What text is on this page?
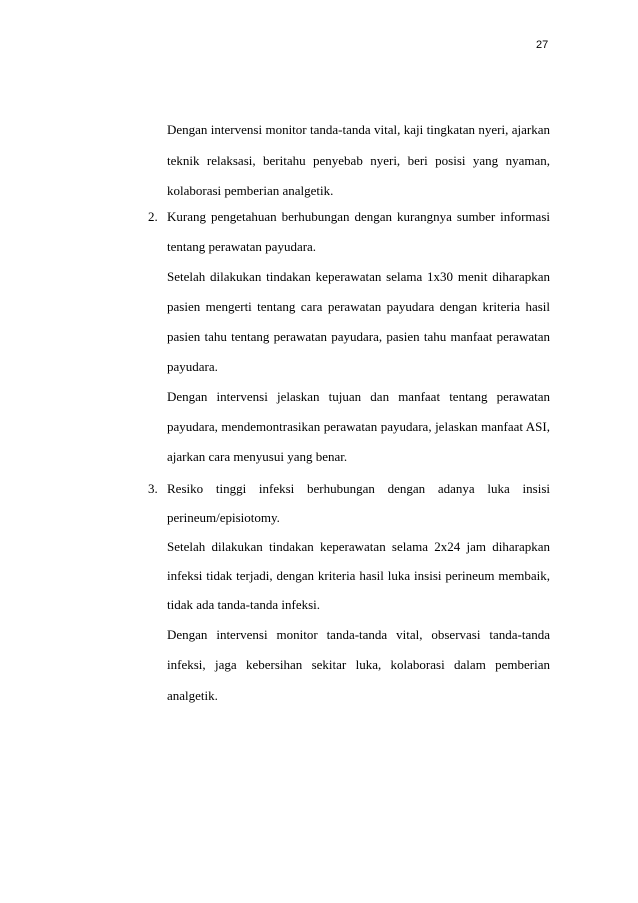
27
Dengan intervensi monitor tanda-tanda vital, kaji tingkatan nyeri, ajarkan
teknik relaksasi, beritahu penyebab nyeri, beri posisi yang nyaman,
kolaborasi pemberian analgetik.
2. Kurang pengetahuan berhubungan dengan kurangnya sumber informasi
tentang perawatan payudara.
Setelah dilakukan tindakan keperawatan selama 1x30 menit diharapkan
pasien mengerti tentang cara perawatan payudara dengan kriteria hasil
pasien tahu tentang perawatan payudara, pasien tahu manfaat perawatan
payudara.
Dengan intervensi jelaskan tujuan dan manfaat tentang perawatan
payudara, mendemontrasikan perawatan payudara, jelaskan manfaat ASI,
ajarkan cara menyusui yang benar.
3. Resiko tinggi infeksi berhubungan dengan adanya luka insisi
perineum/episiotomy.
Setelah dilakukan tindakan keperawatan selama 2x24 jam diharapkan
infeksi tidak terjadi, dengan kriteria hasil luka insisi perineum membaik,
tidak ada tanda-tanda infeksi.
Dengan intervensi monitor tanda-tanda vital, observasi tanda-tanda
infeksi, jaga kebersihan sekitar luka, kolaborasi dalam pemberian
analgetik.
